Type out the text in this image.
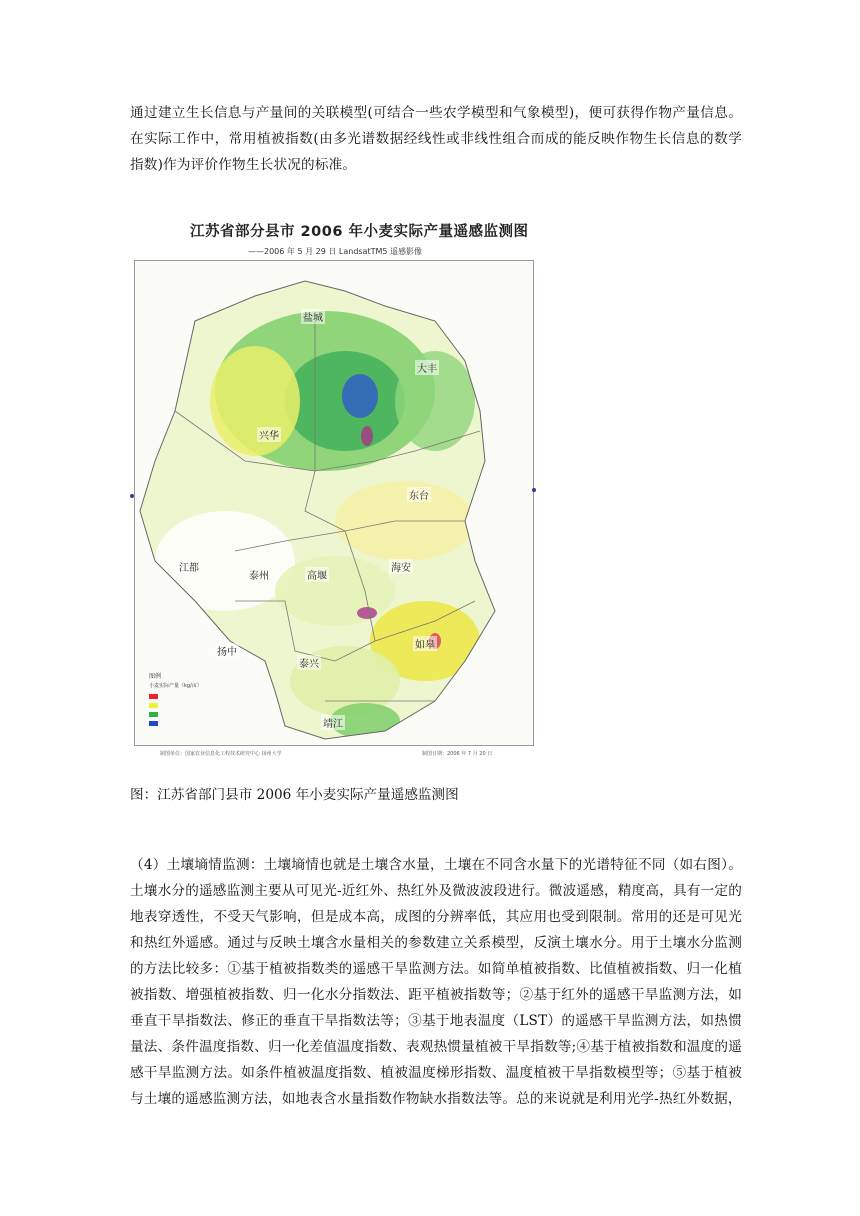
通过建立生长信息与产量间的关联模型(可结合一些农学模型和气象模型)，便可获得作物产量信息。在实际工作中，常用植被指数(由多光谱数据经线性或非线性组合而成的能反映作物生长信息的数学指数)作为评价作物生长状况的标准。

江苏省部分县市 2006 年小麦实际产量遥感监测图
——2006 年 5 月 29 日 LandsatTM5 遥感影像
盐城
大丰
兴华
东台
江都
泰州	高堰
海安
如皋
扬中
泰兴
靖江
图例
小麦实际产量（kg/亩）
制图单位：国家农业信息化工程技术研究中心 扬州大学	制图日期：2006 年 7 月 20 日
图：江苏省部门县市 2006 年小麦实际产量遥感监测图

（4）土壤墒情监测：土壤墒情也就是土壤含水量，土壤在不同含水量下的光谱特征不同（如右图）。土壤水分的遥感监测主要从可见光-近红外、热红外及微波波段进行。微波遥感，精度高，具有一定的地表穿透性，不受天气影响，但是成本高，成图的分辨率低，其应用也受到限制。常用的还是可见光和热红外遥感。通过与反映土壤含水量相关的参数建立关系模型，反演土壤水分。用于土壤水分监测的方法比较多：①基于植被指数类的遥感干旱监测方法。如简单植被指数、比值植被指数、归一化植被指数、增强植被指数、归一化水分指数法、距平植被指数等；②基于红外的遥感干旱监测方法，如垂直干旱指数法、修正的垂直干旱指数法等；③基于地表温度（LST）的遥感干旱监测方法，如热惯量法、条件温度指数、归一化差值温度指数、表观热惯量植被干旱指数等;④基于植被指数和温度的遥感干旱监测方法。如条件植被温度指数、植被温度梯形指数、温度植被干旱指数模型等；⑤基于植被与土壤的遥感监测方法，如地表含水量指数作物缺水指数法等。总的来说就是利用光学-热红外数据，
